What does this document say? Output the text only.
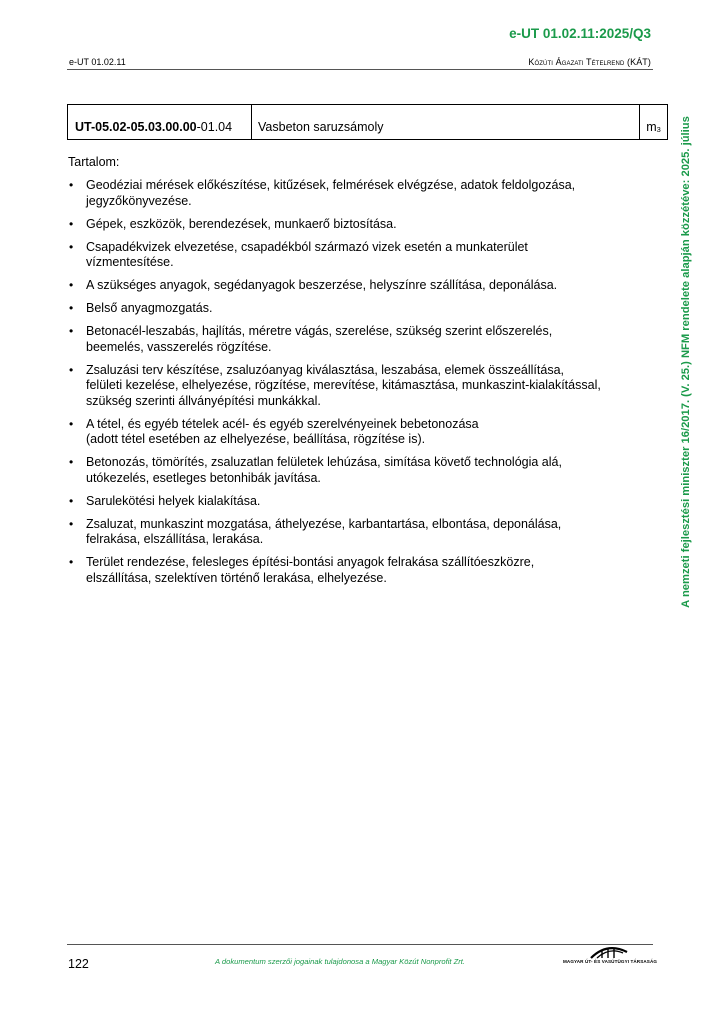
e-UT 01.02.11:2025/Q3
e-UT 01.02.11	Közúti Ágazati Tételrend (KÁT)
UT-05.02-05.03.00.00 -01.04 Vasbeton saruzsámoly	$m_3$
Tartalom:
• Geodéziai mérések előkészítése, kitűzések, felmérések elvégzése, adatok feldolgozása,
jegyzőkönyvezése.
• Gépek, eszközök, berendezések, munkaerő biztosítása.
• Csapadékvizek elvezetése, csapadékból származó vizek esetén a munkaterület
vízmentesítése.
• A szükséges anyagok, segédanyagok beszerzése, helyszínre szállítása, deponálása.
• Belső anyagmozgatás.
• Betonacél-leszabás, hajlítás, méretre vágás, szerelése, szükség szerint előszerelés,
beemelés, vasszerelés rögzítése.
• Zsaluzási terv készítése, zsaluzóanyag kiválasztása, leszabása, elemek összeállítása,
felületi kezelése, elhelyezése, rögzítése, merevítése, kitámasztása, munkaszint-kialakítással,
szükség szerinti állványépítési munkákkal.
• A tétel, és egyéb tételek acél- és egyéb szerelvényeinek bebetonozása
(adott tétel esetében az elhelyezése, beállítása, rögzítése is).
• Betonozás, tömörítés, zsaluzatlan felületek lehúzása, simítása követő technológia alá,
utókezelés, esetleges betonhibák javítása.
• Sarulekötési helyek kialakítása.
• Zsaluzat, munkaszint mozgatása, áthelyezése, karbantartása, elbontása, deponálása,
felrakása, elszállítása, lerakása.
• Terület rendezése, felesleges építési-bontási anyagok felrakása szállítóeszközre,
elszállítása, szelektíven történő lerakása, elhelyezése.	A nemzeti fejlesztési miniszter 16/2017. (V. 25.) NFM rendelete alapján közzétéve: 2025. július
122	A dokumentum szerzői jogainak tulajdonosa a Magyar Közút Nonprofit Zrt.	MAGYAR ÚT- ÉS VASÚTÜGYI TÁRSASÁG
